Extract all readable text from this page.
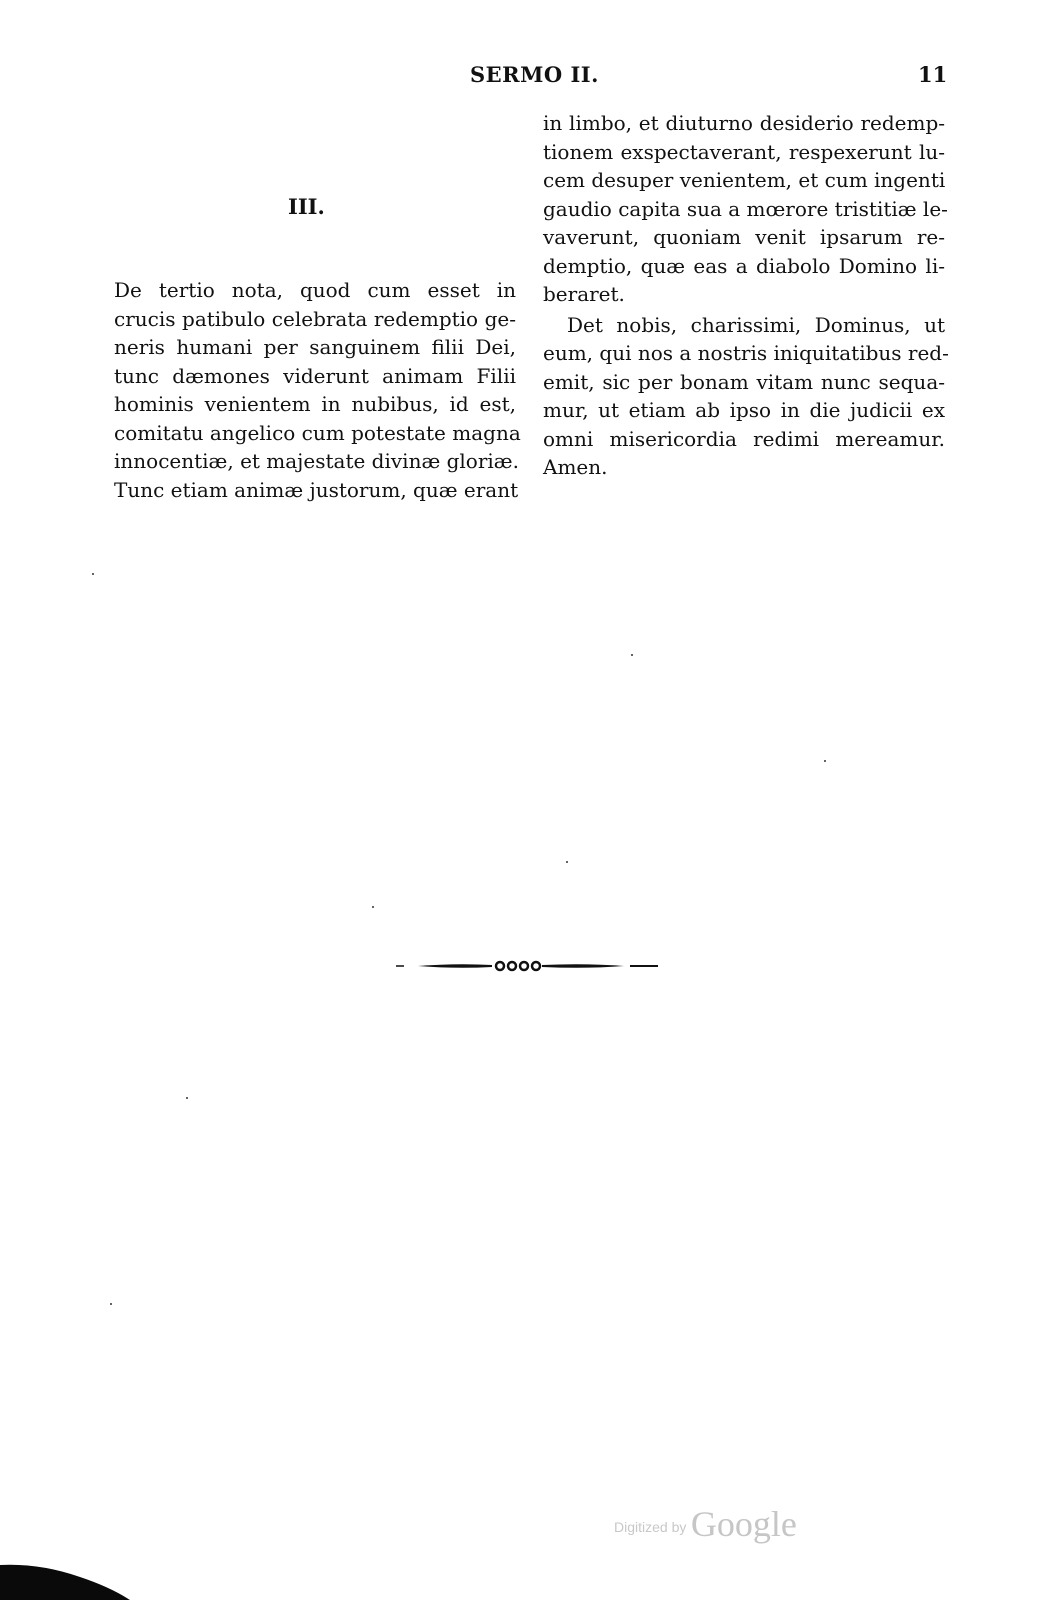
SERMO II.	11
III.
De tertio nota, quod cum esset in
crucis patibulo celebrata redemptio ge-
neris humani per sanguinem filii Dei,
tunc dæmones viderunt animam Filii
hominis venientem in nubibus, id est,
comitatu angelico cum potestate magna
innocentiæ, et majestate divinæ gloriæ.
Tunc etiam animæ justorum, quæ erant
in limbo, et diuturno desiderio redemp-
tionem exspectaverant, respexerunt lu-
cem desuper venientem, et cum ingenti
gaudio capita sua a mœrore tristitiæ le-
vaverunt, quoniam venit ipsarum re-
demptio, quæ eas a diabolo Domino li-
beraret.
Det nobis, charissimi, Dominus, ut
eum, qui nos a nostris iniquitatibus red-
emit, sic per bonam vitam nunc sequa-
mur, ut etiam ab ipso in die judicii ex
omni misericordia redimi mereamur.
Amen.
Digitized by Google
